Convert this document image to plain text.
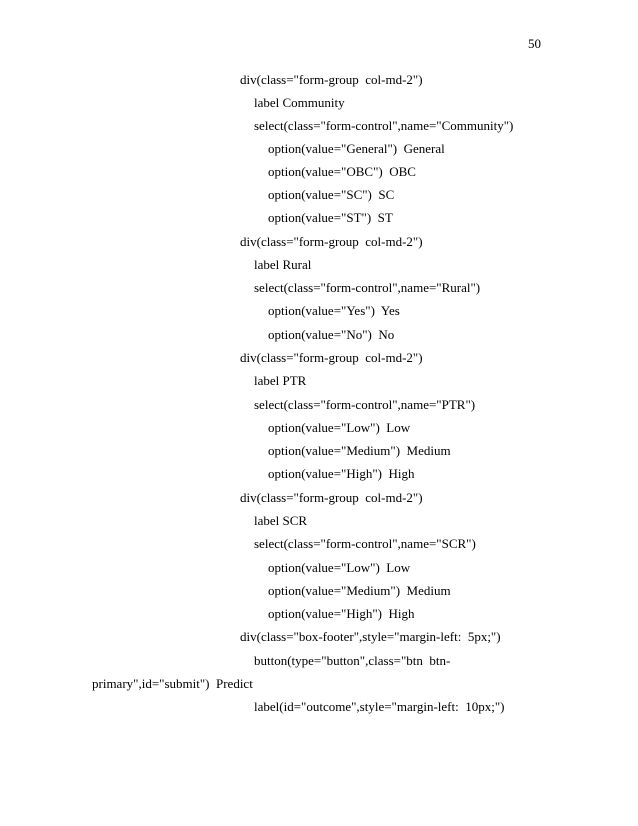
50
div(class="form-group  col-md-2")
label Community
select(class="form-control",name="Community")
option(value="General")  General
option(value="OBC")  OBC
option(value="SC")  SC
option(value="ST")  ST
div(class="form-group  col-md-2")
label Rural
select(class="form-control",name="Rural")
option(value="Yes")  Yes
option(value="No")  No
div(class="form-group  col-md-2")
label PTR
select(class="form-control",name="PTR")
option(value="Low")  Low
option(value="Medium")  Medium
option(value="High")  High
div(class="form-group  col-md-2")
label SCR
select(class="form-control",name="SCR")
option(value="Low")  Low
option(value="Medium")  Medium
option(value="High")  High
div(class="box-footer",style="margin-left:  5px;")
button(type="button",class="btn  btn-
primary",id="submit")  Predict
label(id="outcome",style="margin-left:  10px;")
